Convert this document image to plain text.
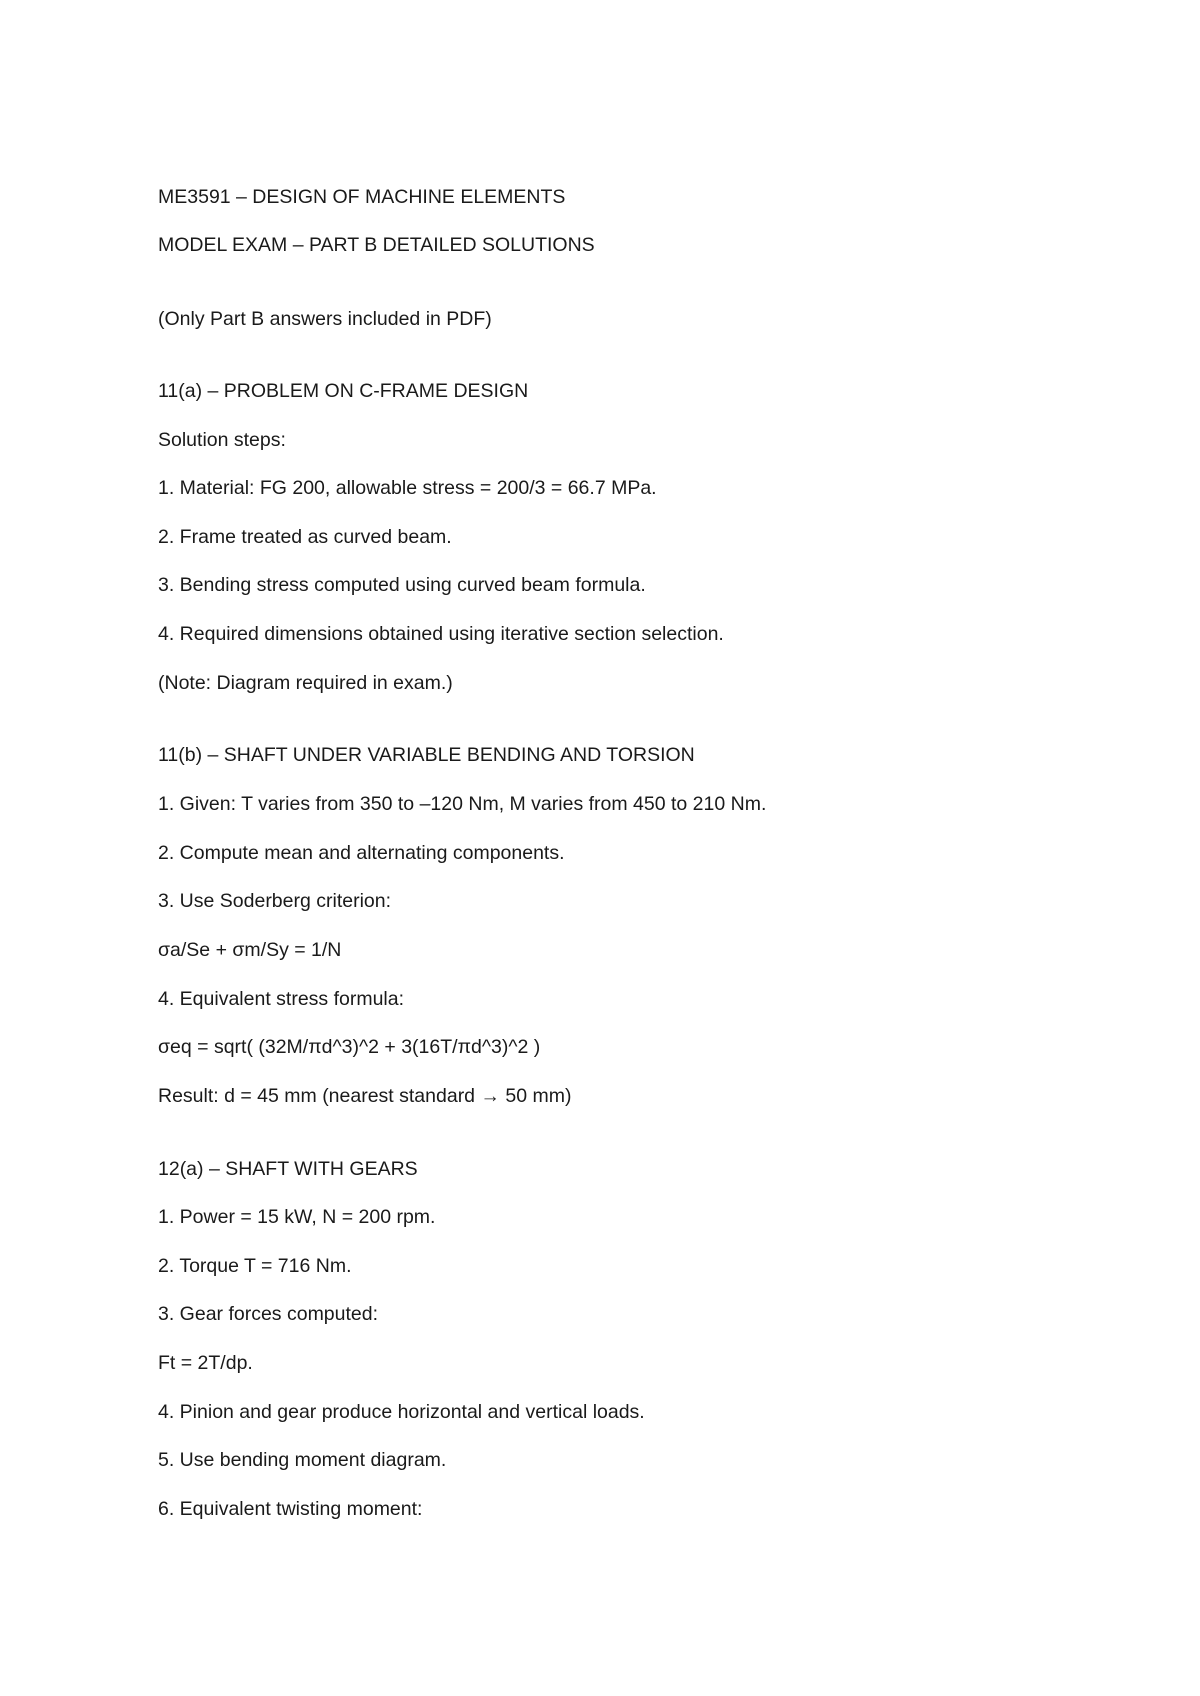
ME3591 – DESIGN OF MACHINE ELEMENTS

MODEL EXAM – PART B DETAILED SOLUTIONS

(Only Part B answers included in PDF)

11(a) – PROBLEM ON C-FRAME DESIGN

Solution steps:

1. Material: FG 200, allowable stress = 200/3 = 66.7 MPa.

2. Frame treated as curved beam.

3. Bending stress computed using curved beam formula.

4. Required dimensions obtained using iterative section selection.

(Note: Diagram required in exam.)

11(b) – SHAFT UNDER VARIABLE BENDING AND TORSION

1. Given: T varies from 350 to –120 Nm, M varies from 450 to 210 Nm.

2. Compute mean and alternating components.

3. Use Soderberg criterion:

σa/Se + σm/Sy = 1/N

4. Equivalent stress formula:

σeq = sqrt( (32M/πd^3)^2 + 3(16T/πd^3)^2 )

Result: d = 45 mm (nearest standard → 50 mm)

12(a) – SHAFT WITH GEARS

1. Power = 15 kW, N = 200 rpm.

2. Torque T = 716 Nm.

3. Gear forces computed:

Ft = 2T/dp.

4. Pinion and gear produce horizontal and vertical loads.

5. Use bending moment diagram.

6. Equivalent twisting moment:
